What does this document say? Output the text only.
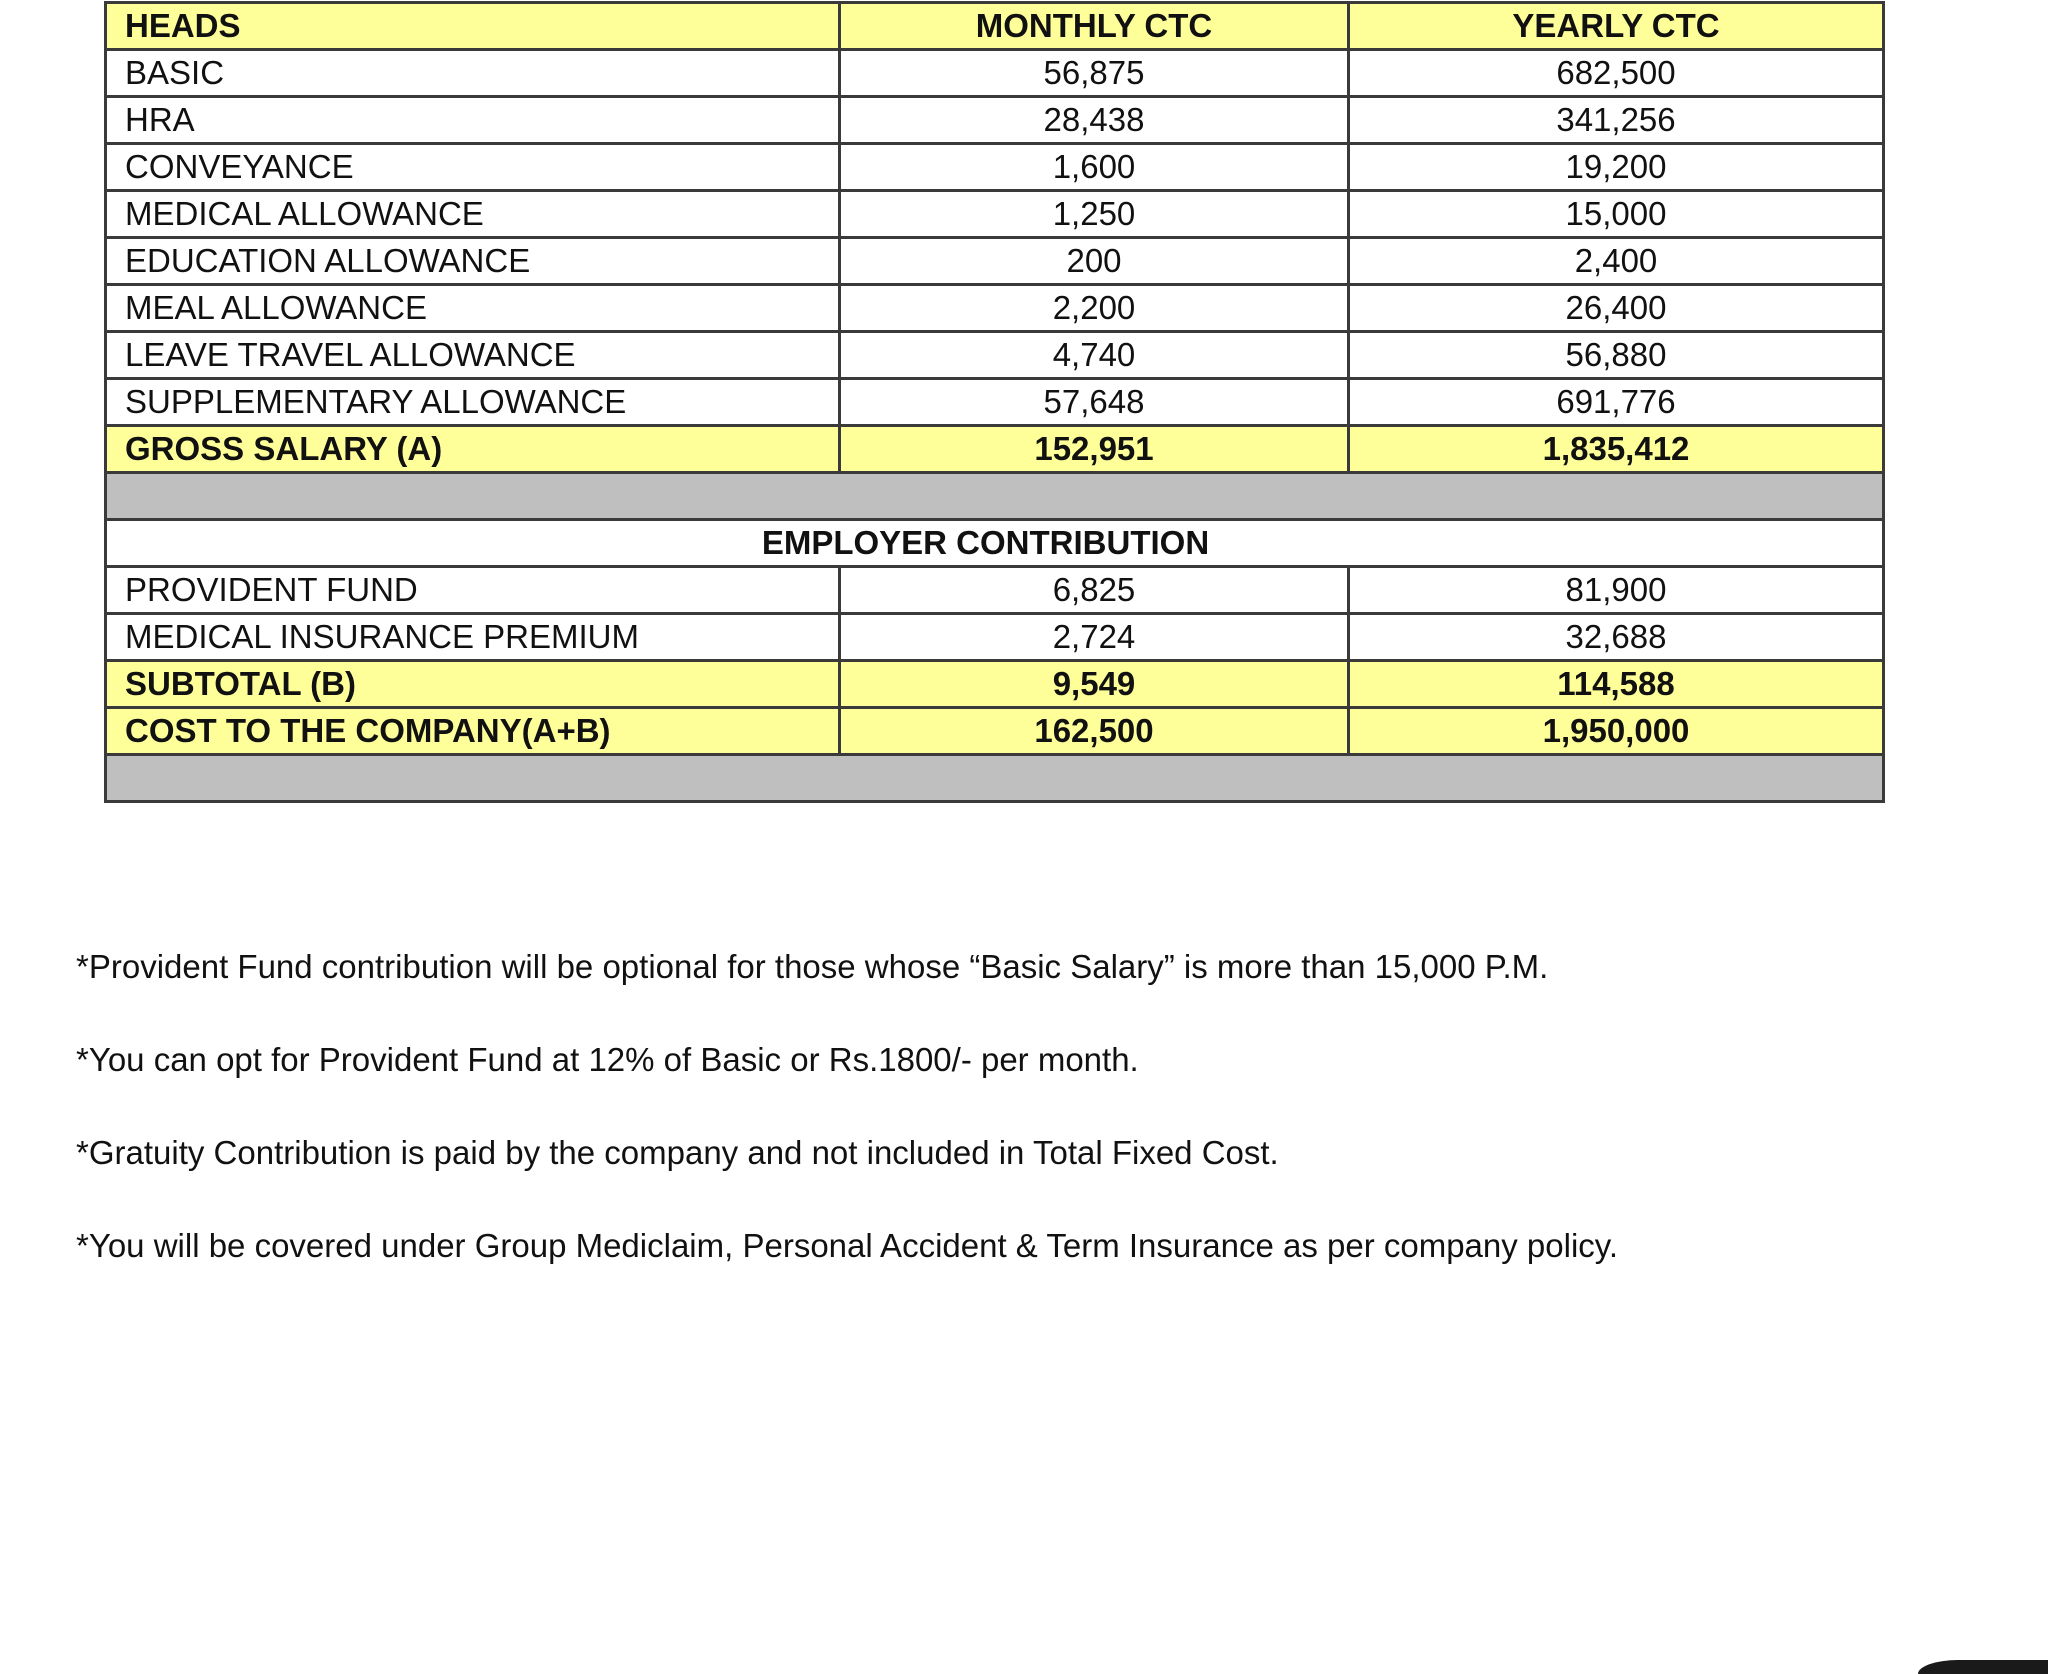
HEADS	MONTHLY CTC	YEARLY CTC
BASIC	56,875	682,500
HRA	28,438	341,256
CONVEYANCE	1,600	19,200
MEDICAL ALLOWANCE	1,250	15,000
EDUCATION ALLOWANCE	200	2,400
MEAL ALLOWANCE	2,200	26,400
LEAVE TRAVEL ALLOWANCE	4,740	56,880
SUPPLEMENTARY ALLOWANCE	57,648	691,776
GROSS SALARY (A)	152,951	1,835,412

EMPLOYER CONTRIBUTION		
PROVIDENT FUND	6,825	81,900
MEDICAL INSURANCE PREMIUM	2,724	32,688
SUBTOTAL (B)	9,549	114,588
COST TO THE COMPANY(A+B)	162,500	1,950,000

*Provident Fund contribution will be optional for those whose “Basic Salary” is more than 15,000 P.M.

*You can opt for Provident Fund at 12% of Basic or Rs.1800/- per month.

*Gratuity Contribution is paid by the company and not included in Total Fixed Cost.

*You will be covered under Group Mediclaim, Personal Accident & Term Insurance as per company policy.
